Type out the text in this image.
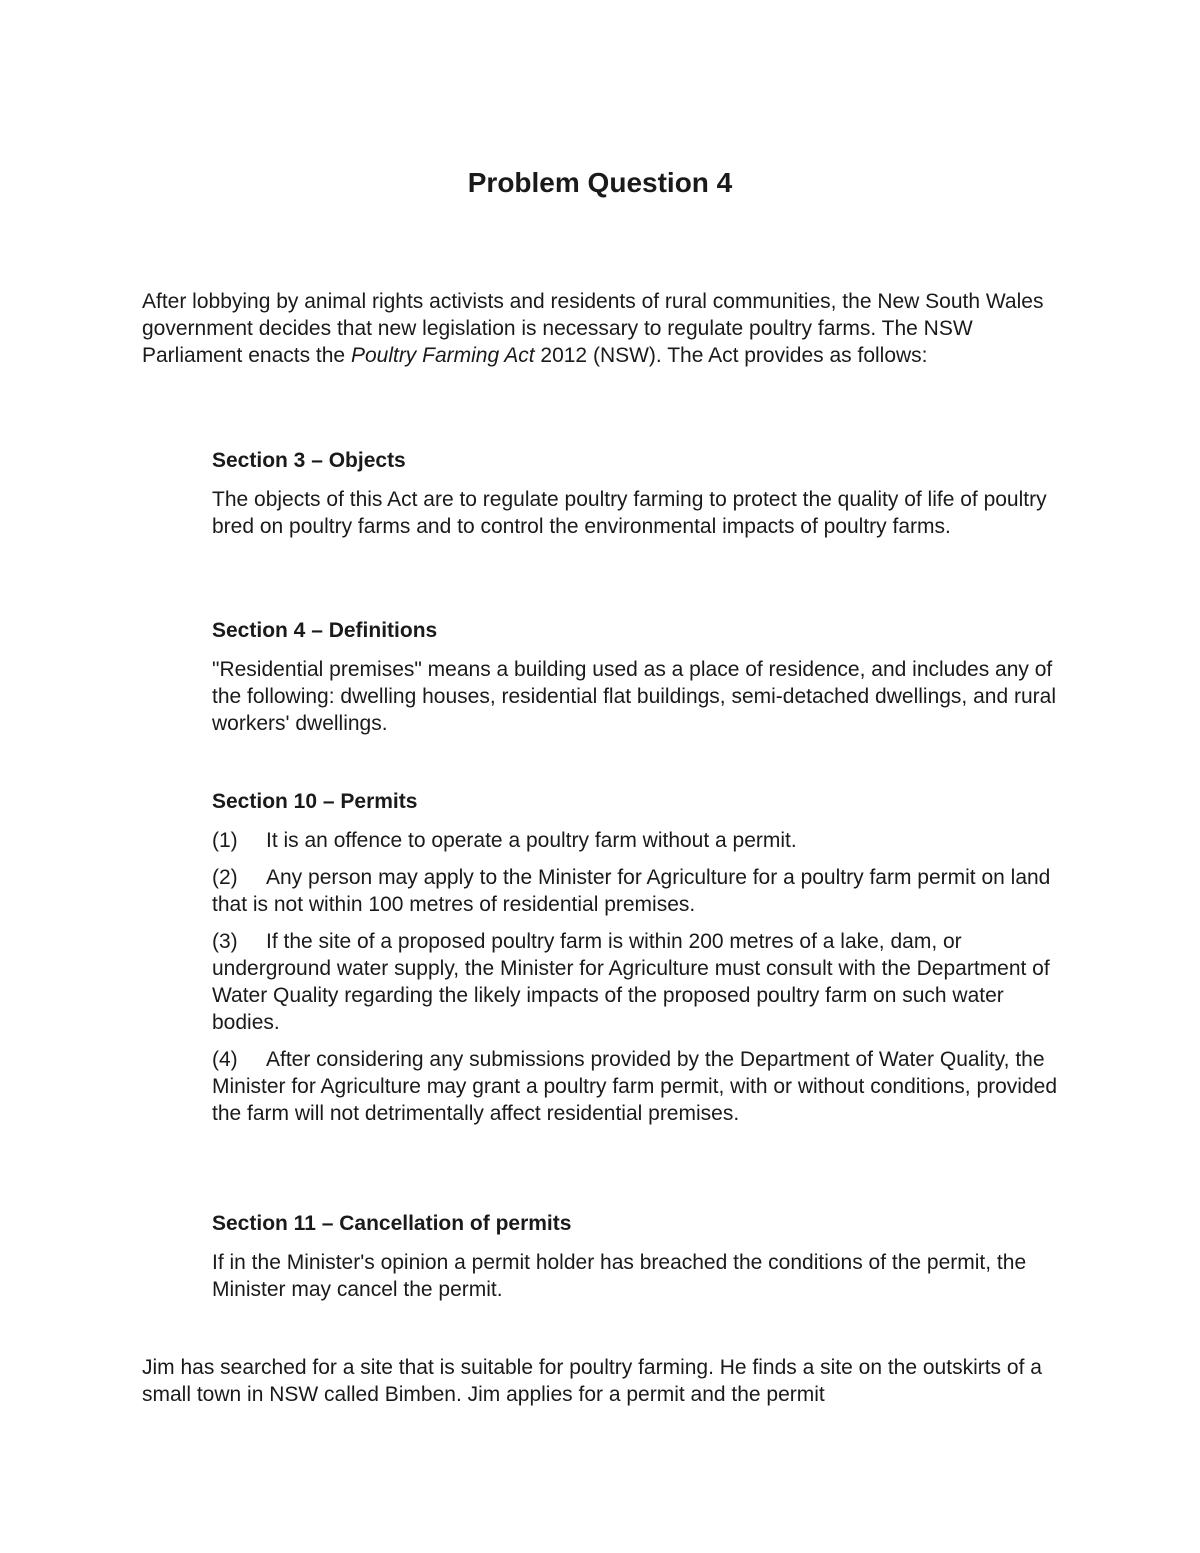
Problem Question 4

After lobbying by animal rights activists and residents of rural communities, the New South Wales government decides that new legislation is necessary to regulate poultry farms. The NSW Parliament enacts the Poultry Farming Act 2012 (NSW). The Act provides as follows:

Section 3 – Objects

The objects of this Act are to regulate poultry farming to protect the quality of life of poultry bred on poultry farms and to control the environmental impacts of poultry farms.

Section 4 – Definitions

"Residential premises" means a building used as a place of residence, and includes any of the following: dwelling houses, residential flat buildings, semi-detached dwellings, and rural workers' dwellings.

Section 10 – Permits

(1) It is an offence to operate a poultry farm without a permit.

(2) Any person may apply to the Minister for Agriculture for a poultry farm permit on land that is not within 100 metres of residential premises.

(3) If the site of a proposed poultry farm is within 200 metres of a lake, dam, or underground water supply, the Minister for Agriculture must consult with the Department of Water Quality regarding the likely impacts of the proposed poultry farm on such water bodies.

(4) After considering any submissions provided by the Department of Water Quality, the Minister for Agriculture may grant a poultry farm permit, with or without conditions, provided the farm will not detrimentally affect residential premises.

Section 11 – Cancellation of permits

If in the Minister's opinion a permit holder has breached the conditions of the permit, the Minister may cancel the permit.

Jim has searched for a site that is suitable for poultry farming. He finds a site on the outskirts of a small town in NSW called Bimben. Jim applies for a permit and the permit
